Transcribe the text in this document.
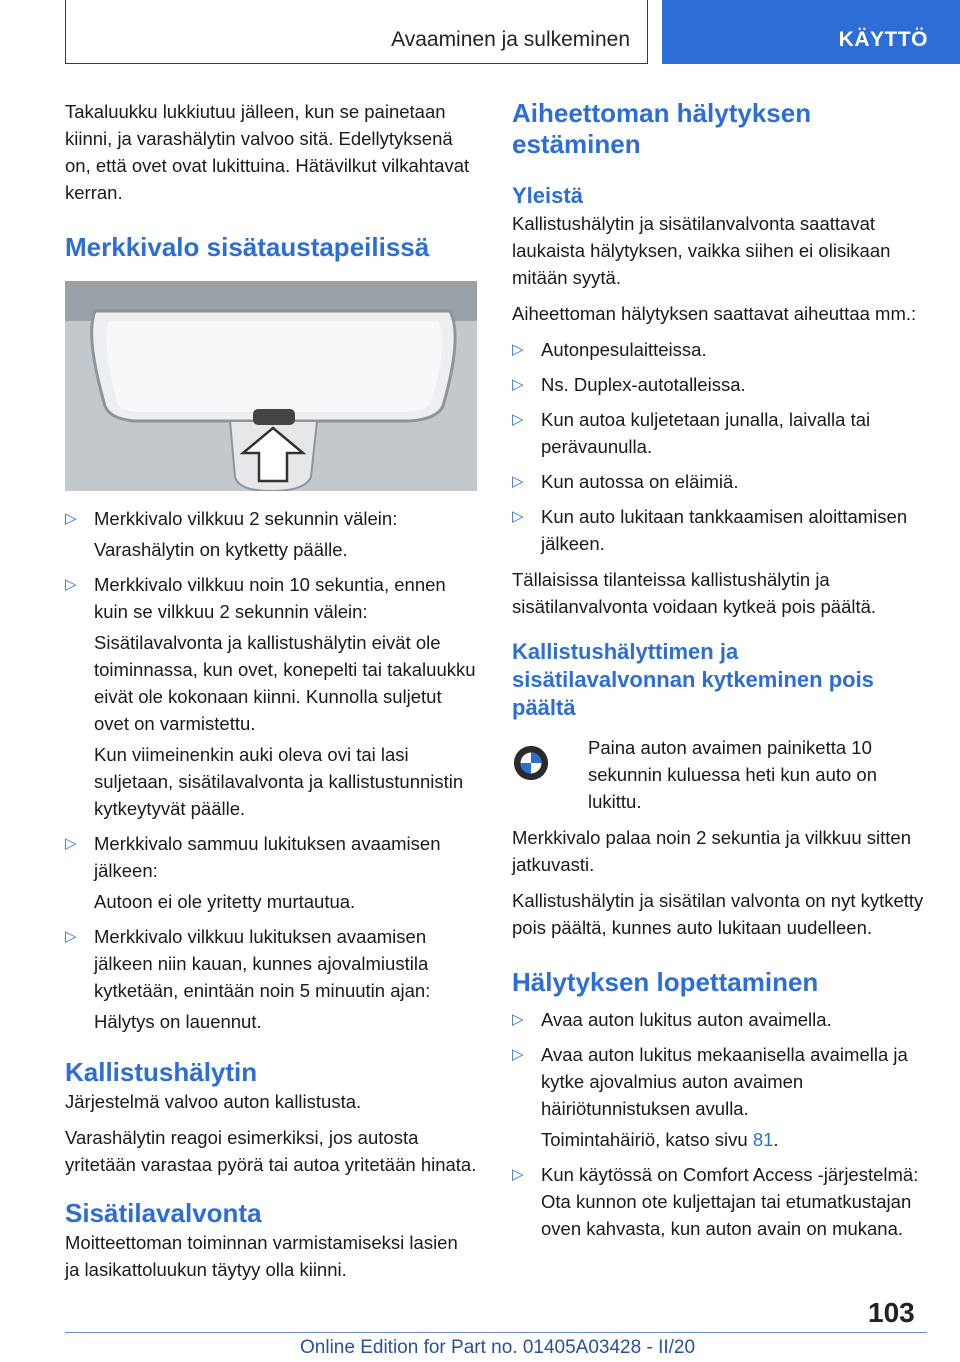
Avaaminen ja sulkeminen	KÄYTTÖ

Takaluukku lukkiutuu jälleen, kun se painetaan kiinni, ja varashälytin valvoo sitä. Edellytyksenä on, että ovet ovat lukittuina. Hätävilkut vilkahtavat kerran.

Merkkivalo sisätaustapeilissä
▷ Merkkivalo vilkkuu 2 sekunnin välein:

Varashälytin on kytketty päälle.

▷ Merkkivalo vilkkuu noin 10 sekuntia, ennen kuin se vilkkuu 2 sekunnin välein:

Sisätilavalvonta ja kallistushälytin eivät ole toiminnassa, kun ovet, konepelti tai takaluukku eivät ole kokonaan kiinni. Kunnolla suljetut ovet on varmistettu.

Kun viimeinenkin auki oleva ovi tai lasi suljetaan, sisätilavalvonta ja kallistustunnistin kytkeytyvät päälle.

▷ Merkkivalo sammuu lukituksen avaamisen jälkeen:

Autoon ei ole yritetty murtautua.

▷ Merkkivalo vilkkuu lukituksen avaamisen jälkeen niin kauan, kunnes ajovalmiustila kytketään, enintään noin 5 minuutin ajan:

Hälytys on lauennut.

Kallistushälytin

Järjestelmä valvoo auton kallistusta.

Varashälytin reagoi esimerkiksi, jos autosta yritetään varastaa pyörä tai autoa yritetään hinata.

Sisätilavalvonta

Moitteettoman toiminnan varmistamiseksi lasien ja lasikattoluukun täytyy olla kiinni.

Aiheettoman hälytyksen estäminen
Yleistä

Kallistushälytin ja sisätilanvalvonta saattavat laukaista hälytyksen, vaikka siihen ei olisikaan mitään syytä.

Aiheettoman hälytyksen saattavat aiheuttaa mm.:

▷ Autonpesulaitteissa.

▷ Ns. Duplex-autotalleissa.

▷ Kun autoa kuljetetaan junalla, laivalla tai perävaunulla.

▷ Kun autossa on eläimiä.

▷ Kun auto lukitaan tankkaamisen aloittamisen jälkeen.

Tällaisissa tilanteissa kallistushälytin ja sisätilanvalvonta voidaan kytkeä pois päältä.

Kallistushälyttimen ja sisätilavalvonnan kytkeminen pois päältä

Paina auton avaimen painiketta 10 sekunnin kuluessa heti kun auto on lukittu.

Merkkivalo palaa noin 2 sekuntia ja vilkkuu sitten jatkuvasti.

Kallistushälytin ja sisätilan valvonta on nyt kytketty pois päältä, kunnes auto lukitaan uudelleen.

Hälytyksen lopettaminen
▷ Avaa auton lukitus auton avaimella.

▷ Avaa auton lukitus mekaanisella avaimella ja kytke ajovalmius auton avaimen häiriötunnistuksen avulla.

Toimintahäiriö, katso sivu 81.

▷ Kun käytössä on Comfort Access -järjestelmä: Ota kunnon ote kuljettajan tai etumatkustajan oven kahvasta, kun auton avain on mukana.

103
Online Edition for Part no. 01405A03428 - II/20
